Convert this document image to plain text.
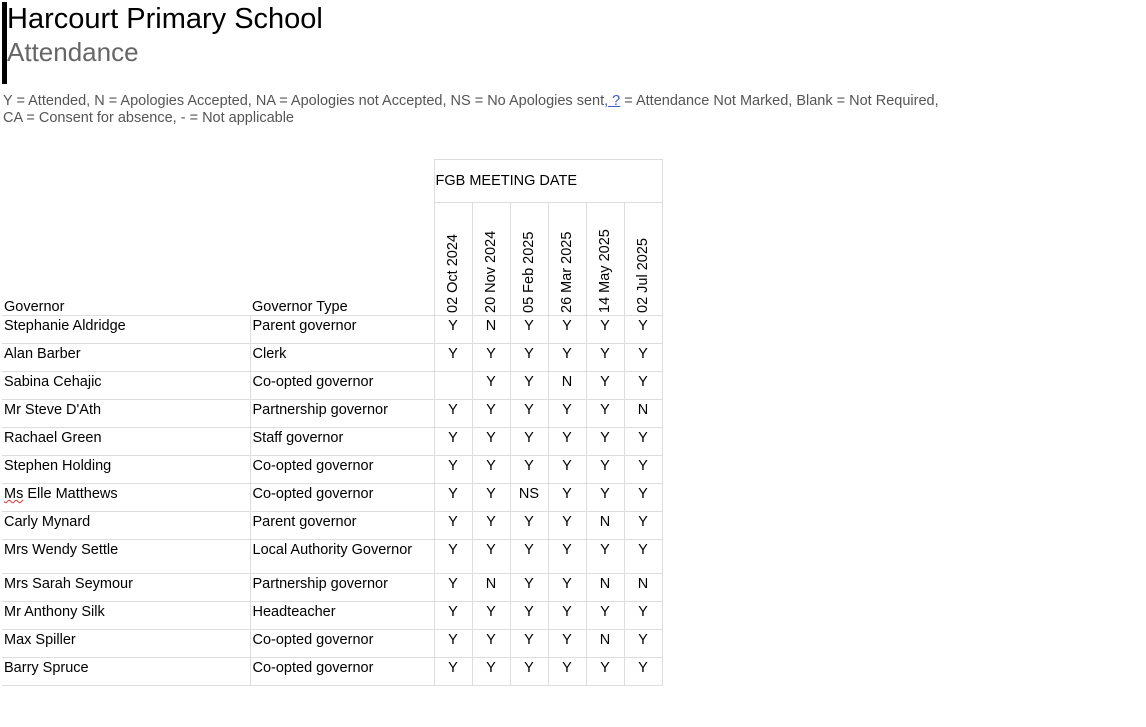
Harcourt Primary School
Attendance
Y = Attended, N = Apologies Accepted, NA = Apologies not Accepted, NS = No Apologies sent, ? = Attendance Not Marked, Blank = Not Required,
CA = Consent for absence, - = Not applicable
		FGB MEETING DATE					
Governor	Governor Type	02 Oct 2024	20 Nov 2024	05 Feb 2025	26 Mar 2025	14 May 2025	02 Jul 2025

Stephanie Aldridge	Parent governor	Y	N	Y	Y	Y	Y
Alan Barber	Clerk	Y	Y	Y	Y	Y	Y
Sabina Cehajic	Co-opted governor		Y	Y	N	Y	Y
Mr Steve D'Ath	Partnership governor	Y	Y	Y	Y	Y	N
Rachael Green	Staff governor	Y	Y	Y	Y	Y	Y
Stephen Holding	Co-opted governor	Y	Y	Y	Y	Y	Y
Ms Elle Matthews	Co-opted governor	Y	Y	NS	Y	Y	Y
Carly Mynard	Parent governor	Y	Y	Y	Y	N	Y
Mrs Wendy Settle	Local Authority Governor	Y	Y	Y	Y	Y	Y
Mrs Sarah Seymour	Partnership governor	Y	N	Y	Y	N	N
Mr Anthony Silk	Headteacher	Y	Y	Y	Y	Y	Y
Max Spiller	Co-opted governor	Y	Y	Y	Y	N	Y
Barry Spruce	Co-opted governor	Y	Y	Y	Y	Y	Y
